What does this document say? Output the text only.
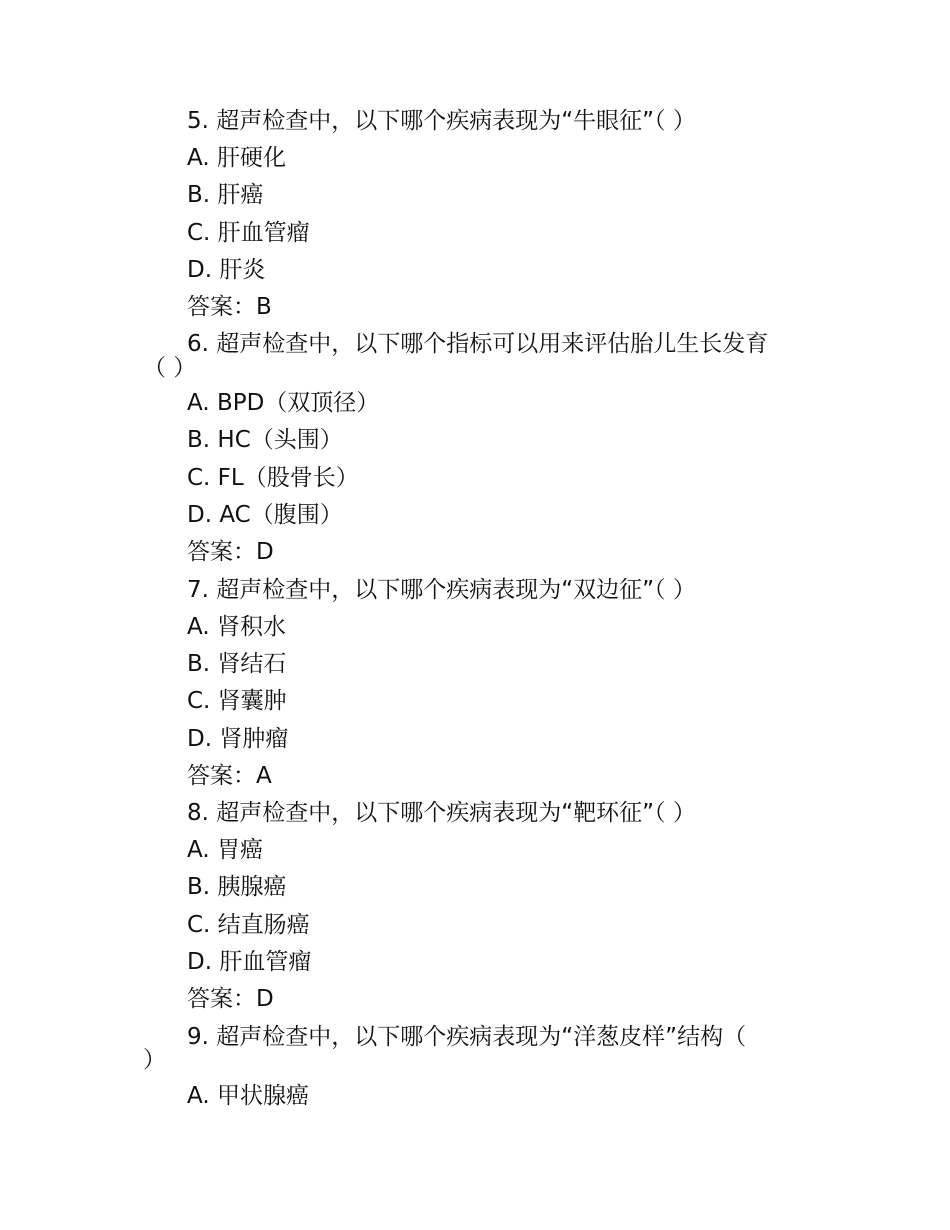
5. 超声检查中，以下哪个疾病表现为“牛眼征”（ ）
A. 肝硬化
B. 肝癌
C. 肝血管瘤
D. 肝炎
答案：B
6. 超声检查中，以下哪个指标可以用来评估胎儿生长发育
（ ）
A. BPD（双顶径）
B. HC（头围）
C. FL（股骨长）
D. AC（腹围）
答案：D
7. 超声检查中，以下哪个疾病表现为“双边征”（ ）
A. 肾积水
B. 肾结石
C. 肾囊肿
D. 肾肿瘤
答案：A
8. 超声检查中，以下哪个疾病表现为“靶环征”（ ）
A. 胃癌
B. 胰腺癌
C. 结直肠癌
D. 肝血管瘤
答案：D
9. 超声检查中，以下哪个疾病表现为“洋葱皮样”结构（
）
A. 甲状腺癌
